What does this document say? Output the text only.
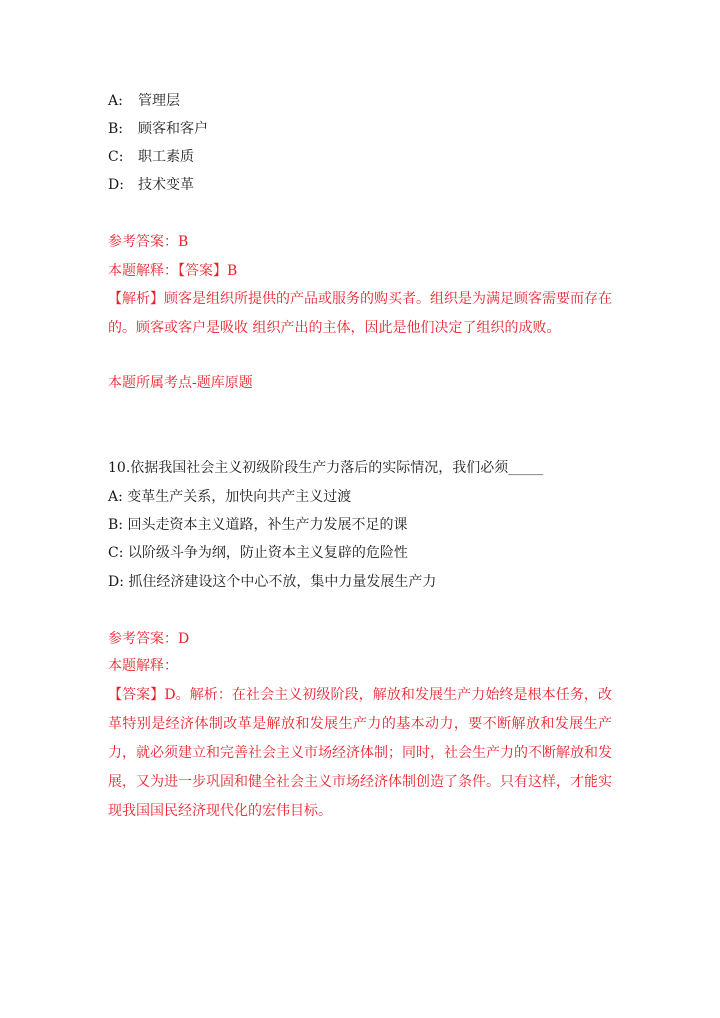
A: 管理层
B: 顾客和客户
C: 职工素质
D: 技术变革
参考答案：B
本题解释：【答案】B
【解析】顾客是组织所提供的产品或服务的购买者。组织是为满足顾客需要而存在的。顾客或客户是吸收 组织产出的主体，因此是他们决定了组织的成败。
本题所属考点-题库原题
10.依据我国社会主义初级阶段生产力落后的实际情况，我们必须_____
A: 变革生产关系，加快向共产主义过渡
B: 回头走资本主义道路，补生产力发展不足的课
C: 以阶级斗争为纲，防止资本主义复辟的危险性
D: 抓住经济建设这个中心不放，集中力量发展生产力
参考答案：D
本题解释：
【答案】D。解析：在社会主义初级阶段，解放和发展生产力始终是根本任务，改革特别是经济体制改革是解放和发展生产力的基本动力，要不断解放和发展生产力，就必须建立和完善社会主义市场经济体制；同时，社会生产力的不断解放和发展，又为进一步巩固和健全社会主义市场经济体制创造了条件。只有这样，才能实现我国国民经济现代化的宏伟目标。
